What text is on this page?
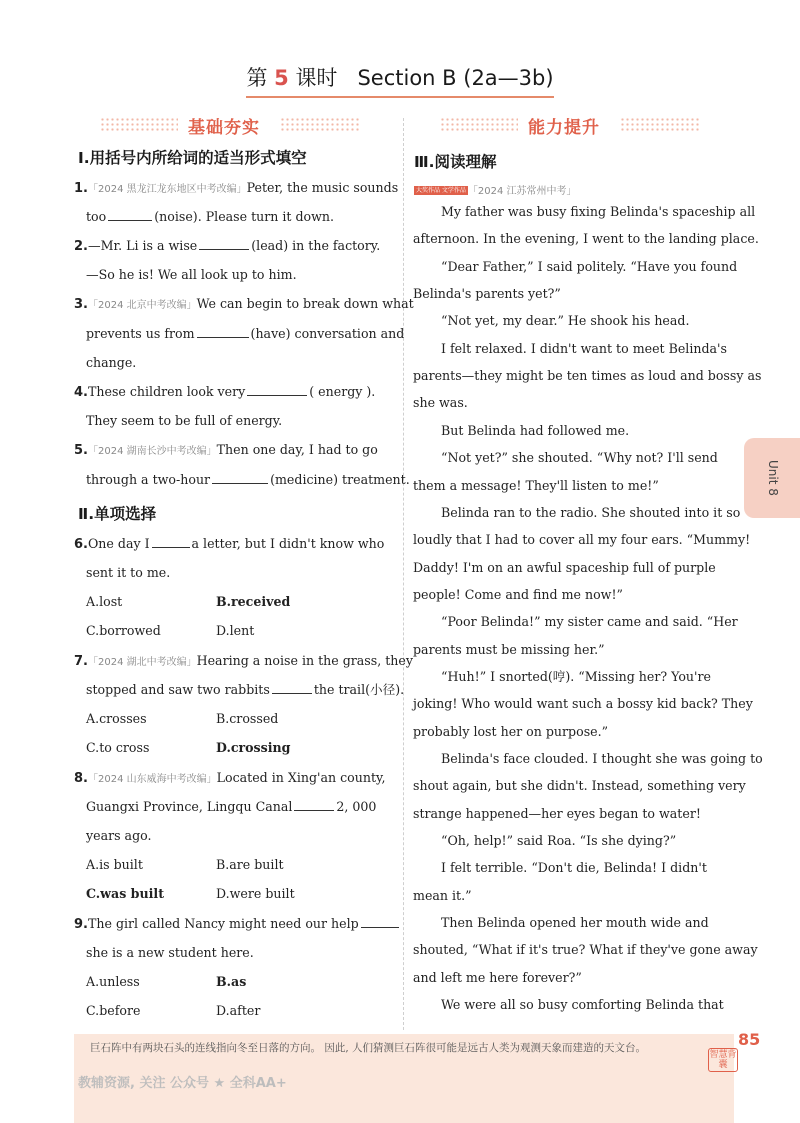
第 5 课时 Section B (2a—3b)
基础夯实	能力提升
Ⅰ.用括号内所给词的适当形式填空
1.「2024 黑龙江龙东地区中考改编」Peter, the music sounds
too	(noise). Please turn it down.
2.—Mr. Li is a wise	(lead) in the factory.
—So he is! We all look up to him.
3.「2024 北京中考改编」We can begin to break down what
prevents us from	(have) conversation and
change.
4.These children look very	( energy ).
They seem to be full of energy.
5.「2024 湖南长沙中考改编」Then one day, I had to go
through a two-hour	(medicine) treatment.
Ⅱ.单项选择
6.One day I	a letter, but I didn't know who
sent it to me.
A.lost	B.received
C.borrowed	D.lent
7.「2024 湖北中考改编」Hearing a noise in the grass, they
stopped and saw two rabbits	the trail(小径).
A.crosses	B.crossed
C.to cross	D.crossing
8.「2024 山东威海中考改编」Located in Xing'an county,
Guangxi Province, Lingqu Canal	2, 000
years ago.
A.is built	B.are built
C.was built	D.were built
9.The girl called Nancy might need our help
she is a new student here.
A.unless	B.as
C.before	D.after
Ⅲ.阅读理解
大奖作品 文学作品 「2024 江苏常州中考」
My father was busy fixing Belinda's spaceship all
afternoon. In the evening, I went to the landing place.
“Dear Father,” I said politely. “Have you found
Belinda's parents yet?”
“Not yet, my dear.” He shook his head.
I felt relaxed. I didn't want to meet Belinda's
parents—they might be ten times as loud and bossy as
she was.
But Belinda had followed me.
“Not yet?” she shouted. “Why not? I'll send
them a message! They'll listen to me!”
Belinda ran to the radio. She shouted into it so
loudly that I had to cover all my four ears. “Mummy!
Daddy! I'm on an awful spaceship full of purple
people! Come and find me now!”
“Poor Belinda!” my sister came and said. “Her
parents must be missing her.”
“Huh!” I snorted(哼). “Missing her? You're
joking! Who would want such a bossy kid back? They
probably lost her on purpose.”
Belinda's face clouded. I thought she was going to
shout again, but she didn't. Instead, something very
strange happened—her eyes began to water!
“Oh, help!” said Roa. “Is she dying?”
I felt terrible. “Don't die, Belinda! I didn't
mean it.”
Then Belinda opened her mouth wide and
shouted, “What if it's true? What if they've gone away
and left me here forever?”
We were all so busy comforting Belinda that
Unit 8
巨石阵中有两块石头的连线指向冬至日落的方向。 因此, 人们猜测巨石阵很可能是远古人类为观测天象而建造的天文台。
教辅资源, 关注 公众号 ★ 全科AA+
智慧背囊
85
